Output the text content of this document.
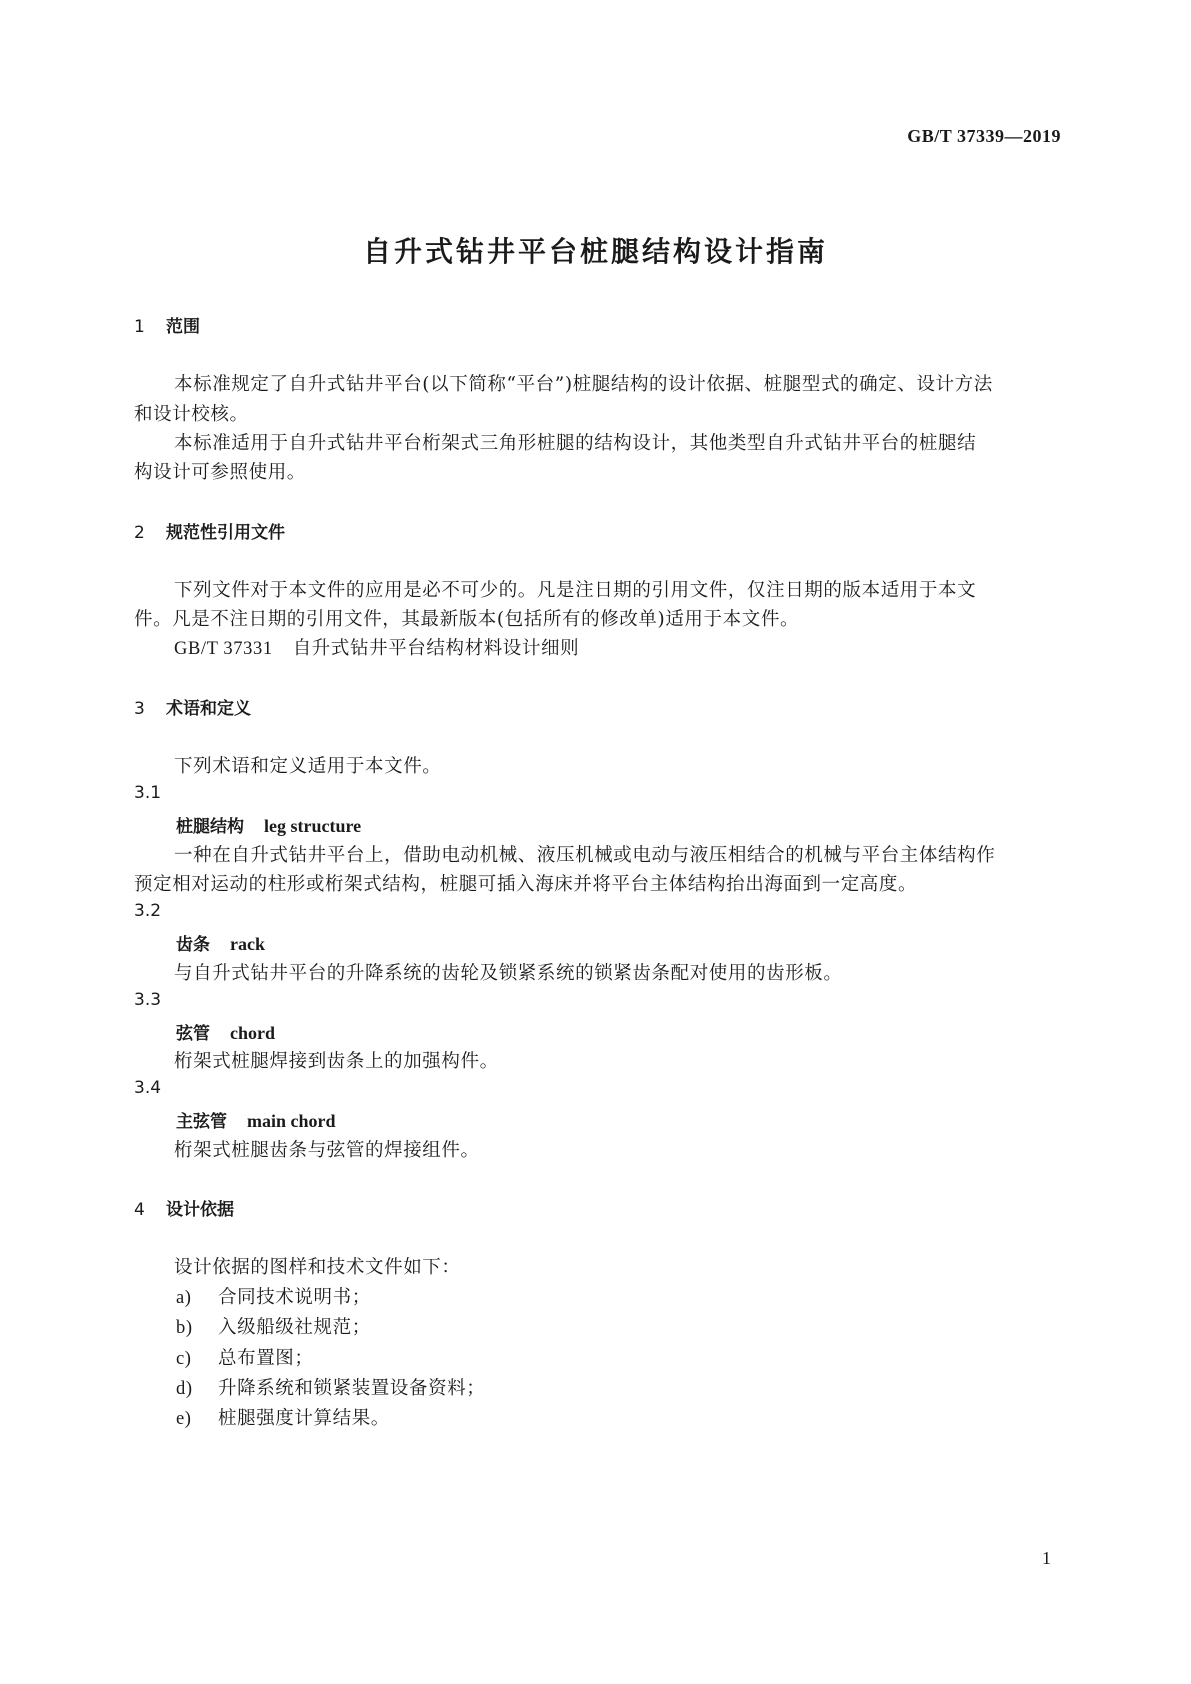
GB/T 37339—2019
自升式钻井平台桩腿结构设计指南
1 范围
本标准规定了自升式钻井平台(以下简称“平台”)桩腿结构的设计依据、桩腿型式的确定、设计方法
和设计校核。
本标准适用于自升式钻井平台桁架式三角形桩腿的结构设计，其他类型自升式钻井平台的桩腿结
构设计可参照使用。
2 规范性引用文件
下列文件对于本文件的应用是必不可少的。凡是注日期的引用文件，仅注日期的版本适用于本文
件。凡是不注日期的引用文件，其最新版本(包括所有的修改单)适用于本文件。
GB/T 37331 自升式钻井平台结构材料设计细则
3 术语和定义
下列术语和定义适用于本文件。
3.1
桩腿结构 leg structure
一种在自升式钻井平台上，借助电动机械、液压机械或电动与液压相结合的机械与平台主体结构作
预定相对运动的柱形或桁架式结构，桩腿可插入海床并将平台主体结构抬出海面到一定高度。
3.2
齿条 rack
与自升式钻井平台的升降系统的齿轮及锁紧系统的锁紧齿条配对使用的齿形板。
3.3
弦管 chord
桁架式桩腿焊接到齿条上的加强构件。
3.4
主弦管 main chord
桁架式桩腿齿条与弦管的焊接组件。
4 设计依据
设计依据的图样和技术文件如下：
a) 合同技术说明书；
b) 入级船级社规范；
c) 总布置图；
d) 升降系统和锁紧装置设备资料；
e) 桩腿强度计算结果。
1
